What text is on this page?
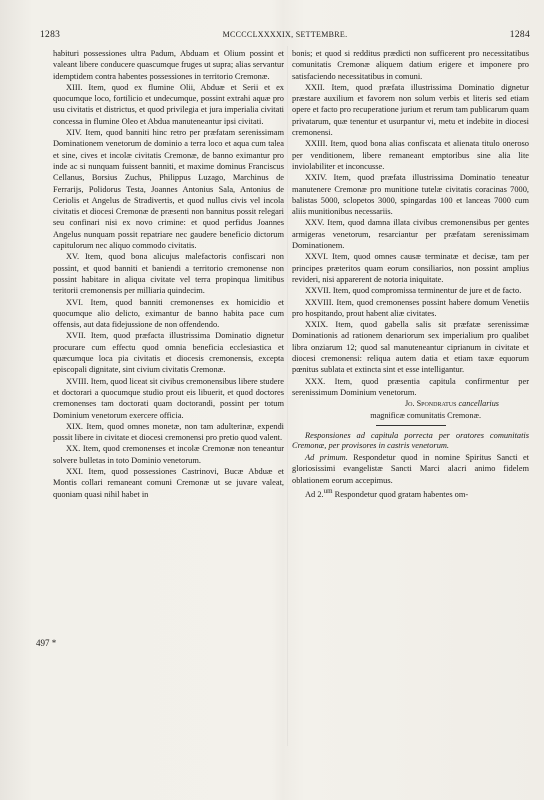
1283	MCCCCLXXXXIX, SETTEMBRE.	1284
497 *

habituri possessiones ultra Padum, Abduam et Olium possint et valeant libere conducere quascumque fruges ut supra; alias servantur idemptidem contra habentes possessiones in territorio Cremonæ.

XIII. Item, quod ex flumine Olii, Abduæ et Serii et ex quocumque loco, fortilicio et undecumque, possint extrahi aquæ pro usu civitatis et districtus, et quod privilegia et jura imperialia civitati concessa in flumine Oleo et Abdua manuteneantur ipsi civitati.

XIV. Item, quod banniti hinc retro per præfatam serenissimam Dominationem venetorum de dominio a terra loco et aqua cum talea et sine, cives et incolæ civitatis Cremonæ, de banno eximantur pro inde ac si nunquam fuissent banniti, et maxime dominus Franciscus Cellanus, Borsius Zuchus, Philippus Luzago, Marchinus de Ferrarijs, Polidorus Testa, Joannes Antonius Sala, Antonius de Ceriolis et Angelus de Stradivertis, et quod nullus civis vel incola civitatis et diocesi Cremonæ de præsenti non bannitus possit relegari seu confinari nisi ex novo crimine: et quod perfidus Joannes Angelus nunquam possit repatriare nec gaudere beneficio dictorum capitulorum nec aliquo commodo civitatis.

XV. Item, quod bona alicujus malefactoris confiscari non possint, et quod banniti et baniendi a territorio cremonense non possint habitare in aliqua civitate vel terra propinqua limitibus teritorii cremonensis per milliaria quindecim.

XVI. Item, quod banniti cremonenses ex homicidio et quocumque alio delicto, eximantur de banno habita pace cum offensis, aut data fidejussione de non offendendo.

XVII. Item, quod præfacta illustrissima Dominatio dignetur procurare cum effectu quod omnia beneficia ecclesiastica et quæcumque loca pia civitatis et diocesis cremonensis, excepta episcopali dignitate, sint civium civitatis Cremonæ.

XVIII. Item, quod liceat sit civibus cremonensibus libere studere et doctorari a quocumque studio prout eis libuerit, et quod doctores cremonenses tam doctorati quam doctorandi, possint per totum Dominium venetorum exercere officia.

XIX. Item, quod omnes monetæ, non tam adulterinæ, expendi possit libere in civitate et diocesi cremonensi pro pretio quod valent.

XX. Item, quod cremonenses et incolæ Cremonæ non teneantur solvere bulletas in toto Dominio venetorum.

XXI. Item, quod possessiones Castrinovi, Bucæ Abduæ et Montis collari remaneant comuni Cremonæ ut se juvare valeat, quoniam quasi nihil habet in

bonis; et quod si redditus prædicti non sufficerent pro necessitatibus comunitatis Cremonæ aliquem datium erigere et imponere pro satisfaciendo necessitatibus in comuni.

XXII. Item, quod præfata illustrissima Dominatio dignetur præstare auxilium et favorem non solum verbis et literis sed etiam opere et facto pro recuperatione jurium et rerum tam publicarum quam privatarum, quæ tenentur et usurpantur vi, metu et indebite in diocesi cremonensi.

XXIII. Item, quod bona alias confiscata et alienata titulo oneroso per venditionem, libere remaneant emptoribus sine alia lite inviolabiliter et inconcusse.

XXIV. Item, quod præfata illustrissima Dominatio teneatur manutenere Cremonæ pro munitione tutelæ civitatis coracinas 7000, balistas 5000, sclopetos 3000, spingardas 100 et lanceas 7000 cum aliis munitionibus necessariis.

XXV. Item, quod damna illata civibus cremonensibus per gentes armigeras venetorum, resarciantur per præfatam serenissimam Dominationem.

XXVI. Item, quod omnes causæ terminatæ et decisæ, tam per principes præteritos quam eorum consiliarios, non possint amplius revideri, nisi apparerent de notoria iniquitate.

XXVII. Item, quod compromissa terminentur de jure et de facto.

XXVIII. Item, quod cremonenses possint habere domum Venetiis pro hospitando, prout habent aliæ civitates.

XXIX. Item, quod gabella salis sit præfatæ serenissimæ Dominationis ad rationem denariorum sex imperialium pro qualibet libra onziarum 12; quod sal manuteneantur ciprianum in civitate et diocesi cremonensi: reliqua autem datia et etiam taxæ equorum pœnitus sublata et extincta sint et esse intelligantur.

XXX. Item, quod præsentia capitula confirmentur per serenissimum Dominium venetorum.

Jo. Spondratus cancellarius

magnificæ comunitatis Cremonæ.

Responsiones ad capitula porrecta per oratores comunitatis Cremonæ, per provisores in castris venetorum.

Ad primum. Respondetur quod in nomine Spiritus Sancti et gloriosissimi evangelistæ Sancti Marci alacri animo fidelem oblationem eorum accepimus.

Ad 2.$^{um}$ Respondetur quod gratam habentes om-
